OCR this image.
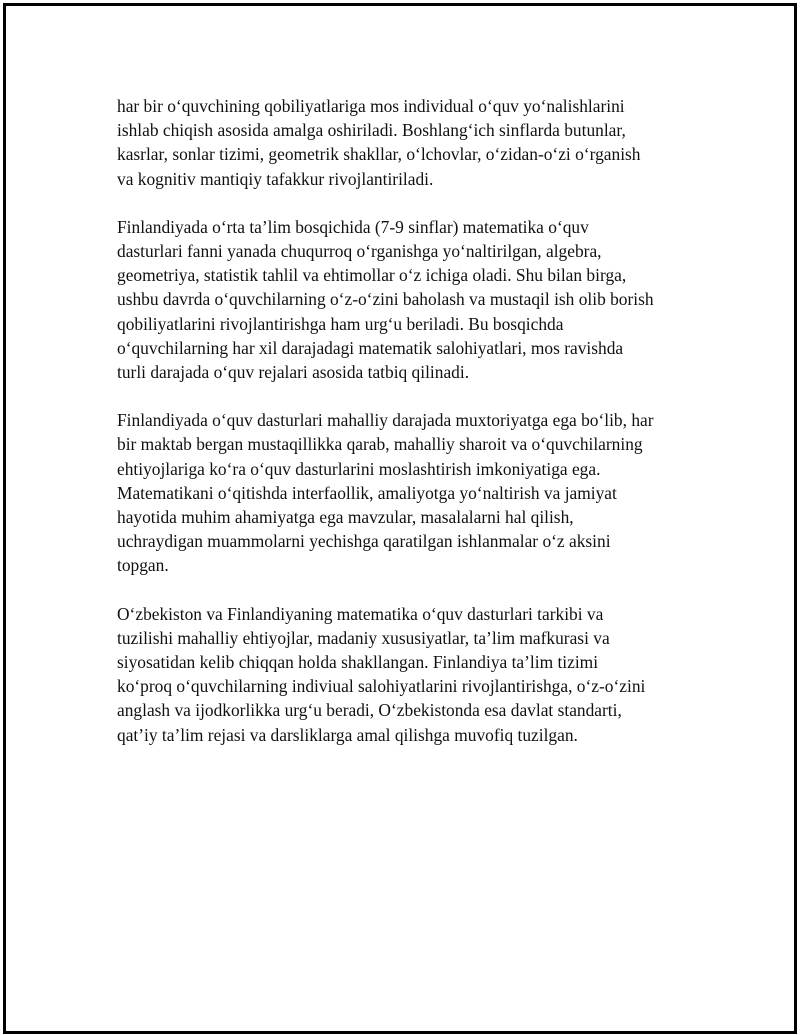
har bir o‘quvchining qobiliyatlariga mos individual o‘quv yo‘nalishlarini
ishlab chiqish asosida amalga oshiriladi. Boshlang‘ich sinflarda butunlar,
kasrlar, sonlar tizimi, geometrik shakllar, o‘lchovlar, o‘zidan-o‘zi o‘rganish
va kognitiv mantiqiy tafakkur rivojlantiriladi.

Finlandiyada o‘rta ta’lim bosqichida (7-9 sinflar) matematika o‘quv
dasturlari fanni yanada chuqurroq o‘rganishga yo‘naltirilgan, algebra,
geometriya, statistik tahlil va ehtimollar o‘z ichiga oladi. Shu bilan birga,
ushbu davrda o‘quvchilarning o‘z-o‘zini baholash va mustaqil ish olib borish
qobiliyatlarini rivojlantirishga ham urg‘u beriladi. Bu bosqichda
o‘quvchilarning har xil darajadagi matematik salohiyatlari, mos ravishda
turli darajada o‘quv rejalari asosida tatbiq qilinadi.

Finlandiyada o‘quv dasturlari mahalliy darajada muxtoriyatga ega bo‘lib, har
bir maktab bergan mustaqillikka qarab, mahalliy sharoit va o‘quvchilarning
ehtiyojlariga ko‘ra o‘quv dasturlarini moslashtirish imkoniyatiga ega.
Matematikani o‘qitishda interfaollik, amaliyotga yo‘naltirish va jamiyat
hayotida muhim ahamiyatga ega mavzular, masalalarni hal qilish,
uchraydigan muammolarni yechishga qaratilgan ishlanmalar o‘z aksini
topgan.

O‘zbekiston va Finlandiyaning matematika o‘quv dasturlari tarkibi va
tuzilishi mahalliy ehtiyojlar, madaniy xususiyatlar, ta’lim mafkurasi va
siyosatidan kelib chiqqan holda shakllangan. Finlandiya ta’lim tizimi
ko‘proq o‘quvchilarning indiviual salohiyatlarini rivojlantirishga, o‘z-o‘zini
anglash va ijodkorlikka urg‘u beradi, O‘zbekistonda esa davlat standarti,
qat’iy ta’lim rejasi va darsliklarga amal qilishga muvofiq tuzilgan.
